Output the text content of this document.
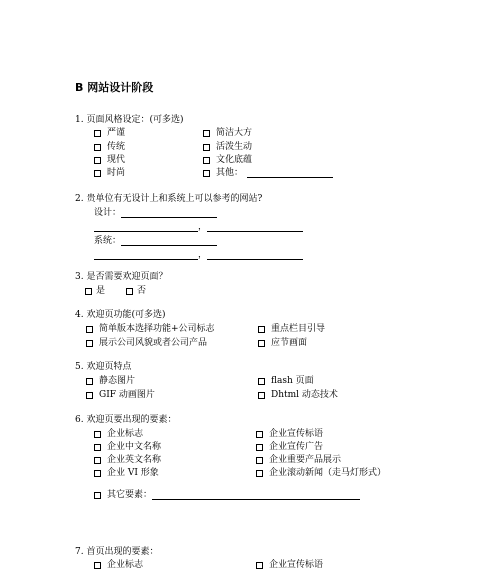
B 网站设计阶段
1. 页面风格设定：(可多选)
严谨
传统
现代
时尚
简洁大方
活泼生动
文化底蕴
其他：
2. 贵单位有无设计上和系统上可以参考的网站?
设计：
，
系统：
，
3. 是否需要欢迎页面？
是	否
4. 欢迎页功能(可多选)
简单版本选择功能+公司标志
展示公司风貌或者公司产品
重点栏目引导
应节画面
5. 欢迎页特点
静态图片
GIF 动画图片
flash 页面
Dhtml 动态技术
6. 欢迎页要出现的要素：
企业标志
企业中文名称
企业英文名称
企业 VI 形象
企业宣传标语
企业宣传广告
企业重要产品展示
企业滚动新闻（走马灯形式）
其它要素：
7. 首页出现的要素：
企业标志	企业宣传标语
